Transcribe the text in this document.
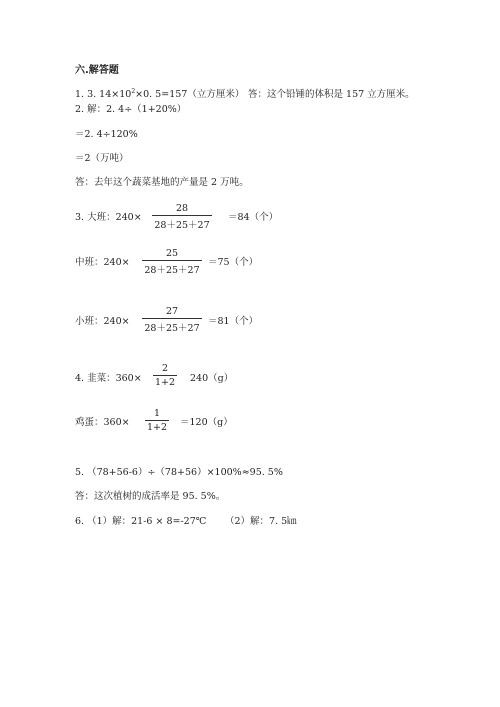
六.解答题
1. 3. $14\times 10^2\times 0$. 5=157（立方厘米） 答：这个铅锤的体积是 157 立方厘米。
2. 解：2. 4÷（1+20%）
＝2. 4÷120%
＝2（万吨）
答：去年这个蔬菜基地的产量是 2 万吨。
3. 大班：$240\times \frac{28}{28+25+27} =84$（个）
中班：$240\times \frac{25}{28+25+27} =75$（个）
小班：$240\times \frac{27}{28+25+27} =81$（个）
4. 韭菜：$360\times \frac{2}{1+2} 240(g)$
鸡蛋：$360\times \frac{1}{1+2} =120(g)$
5. （78+56-6）÷（78+56）×100%≈95. 5%
答：这次植树的成活率是 95. 5%。
6. （1）解：21-6 × 8=-27℃ （2）解：7. 5㎞
